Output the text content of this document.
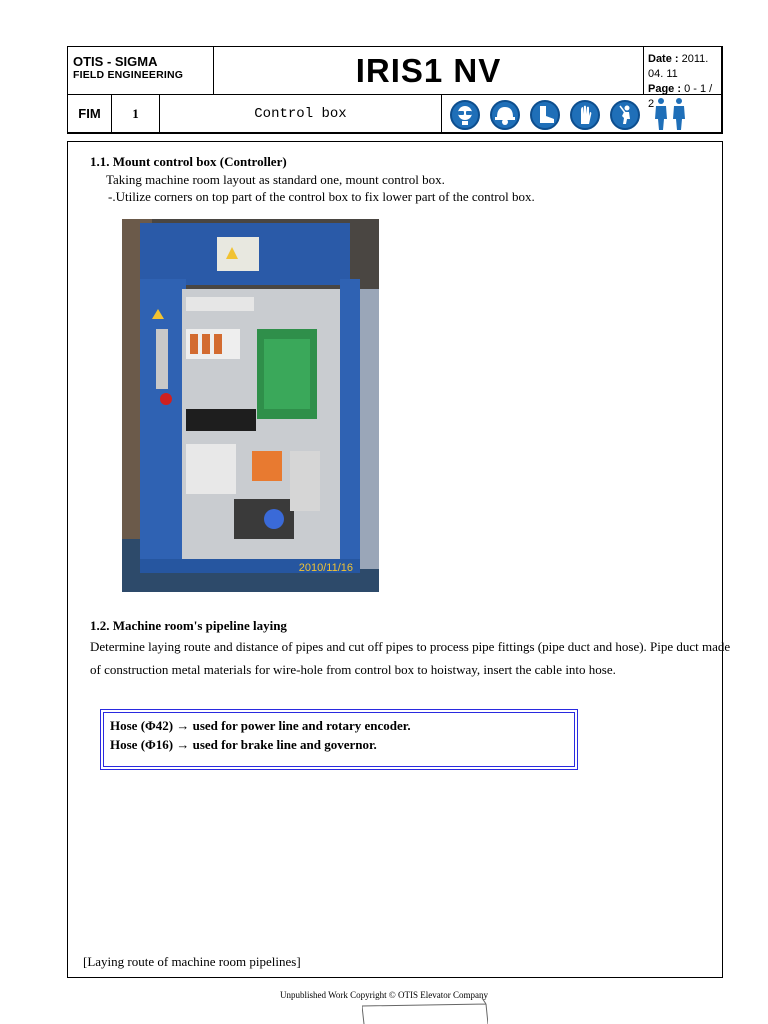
OTIS - SIGMA
FIELD ENGINEERING	IRIS1 NV	Date : 2011. 04. 11
Page : 0 - 1 / 2
FIM	1	Control box
1.1. Mount control box (Controller)
Taking machine room layout as standard one, mount control box.
-.Utilize corners on top part of the control box to fix lower part of the control box.
2010/11/16
1.2. Machine room's pipeline laying
Determine laying route and distance of pipes and cut off pipes to process pipe fittings (pipe duct and hose). Pipe duct made of construction metal materials for wire-hole from control box to hoistway, insert the cable into hose.
Hose (Φ42) → used for power line and rotary encoder.
Hose (Φ16) → used for brake line and governor.
[Laying route of machine room pipelines]
Unpublished Work Copyright © OTIS Elevator Company
